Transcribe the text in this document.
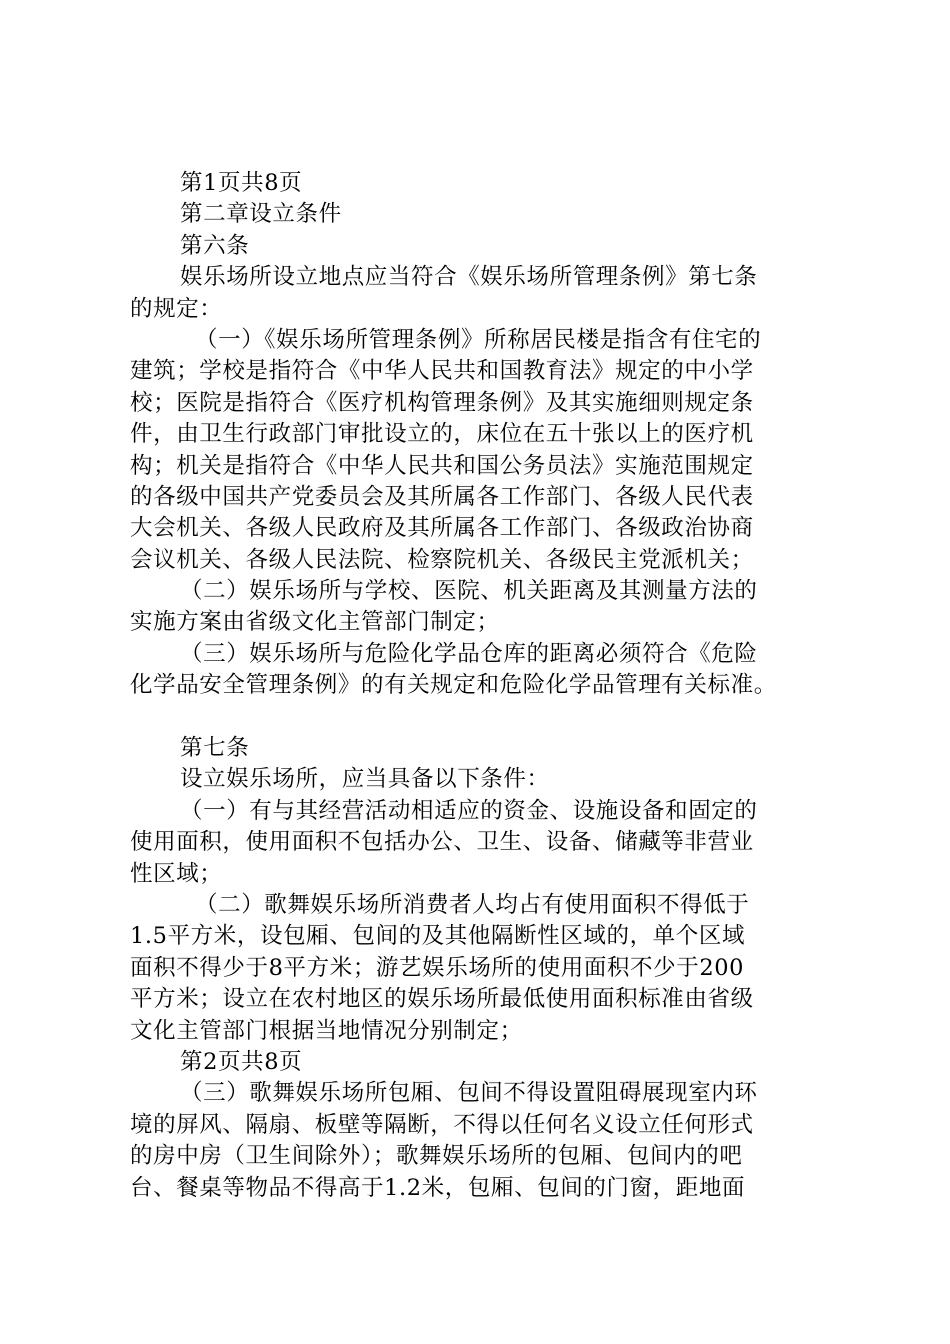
第1页共8页
第二章设立条件
第六条
娱乐场所设立地点应当符合《娱乐场所管理条例》第七条
的规定：
（一）《娱乐场所管理条例》所称居民楼是指含有住宅的
建筑；学校是指符合《中华人民共和国教育法》规定的中小学
校；医院是指符合《医疗机构管理条例》及其实施细则规定条
件，由卫生行政部门审批设立的，床位在五十张以上的医疗机
构；机关是指符合《中华人民共和国公务员法》实施范围规定
的各级中国共产党委员会及其所属各工作部门、各级人民代表
大会机关、各级人民政府及其所属各工作部门、各级政治协商
会议机关、各级人民法院、检察院机关、各级民主党派机关；
（二）娱乐场所与学校、医院、机关距离及其测量方法的
实施方案由省级文化主管部门制定；
（三）娱乐场所与危险化学品仓库的距离必须符合《危险
化学品安全管理条例》的有关规定和危险化学品管理有关标准。
第七条
设立娱乐场所，应当具备以下条件：
（一）有与其经营活动相适应的资金、设施设备和固定的
使用面积，使用面积不包括办公、卫生、设备、储藏等非营业
性区域；
（二）歌舞娱乐场所消费者人均占有使用面积不得低于
1.5平方米，设包厢、包间的及其他隔断性区域的，单个区域
面积不得少于8平方米；游艺娱乐场所的使用面积不少于200
平方米；设立在农村地区的娱乐场所最低使用面积标准由省级
文化主管部门根据当地情况分别制定；
第2页共8页
（三）歌舞娱乐场所包厢、包间不得设置阻碍展现室内环
境的屏风、隔扇、板壁等隔断，不得以任何名义设立任何形式
的房中房（卫生间除外）；歌舞娱乐场所的包厢、包间内的吧
台、餐桌等物品不得高于1.2米，包厢、包间的门窗，距地面
